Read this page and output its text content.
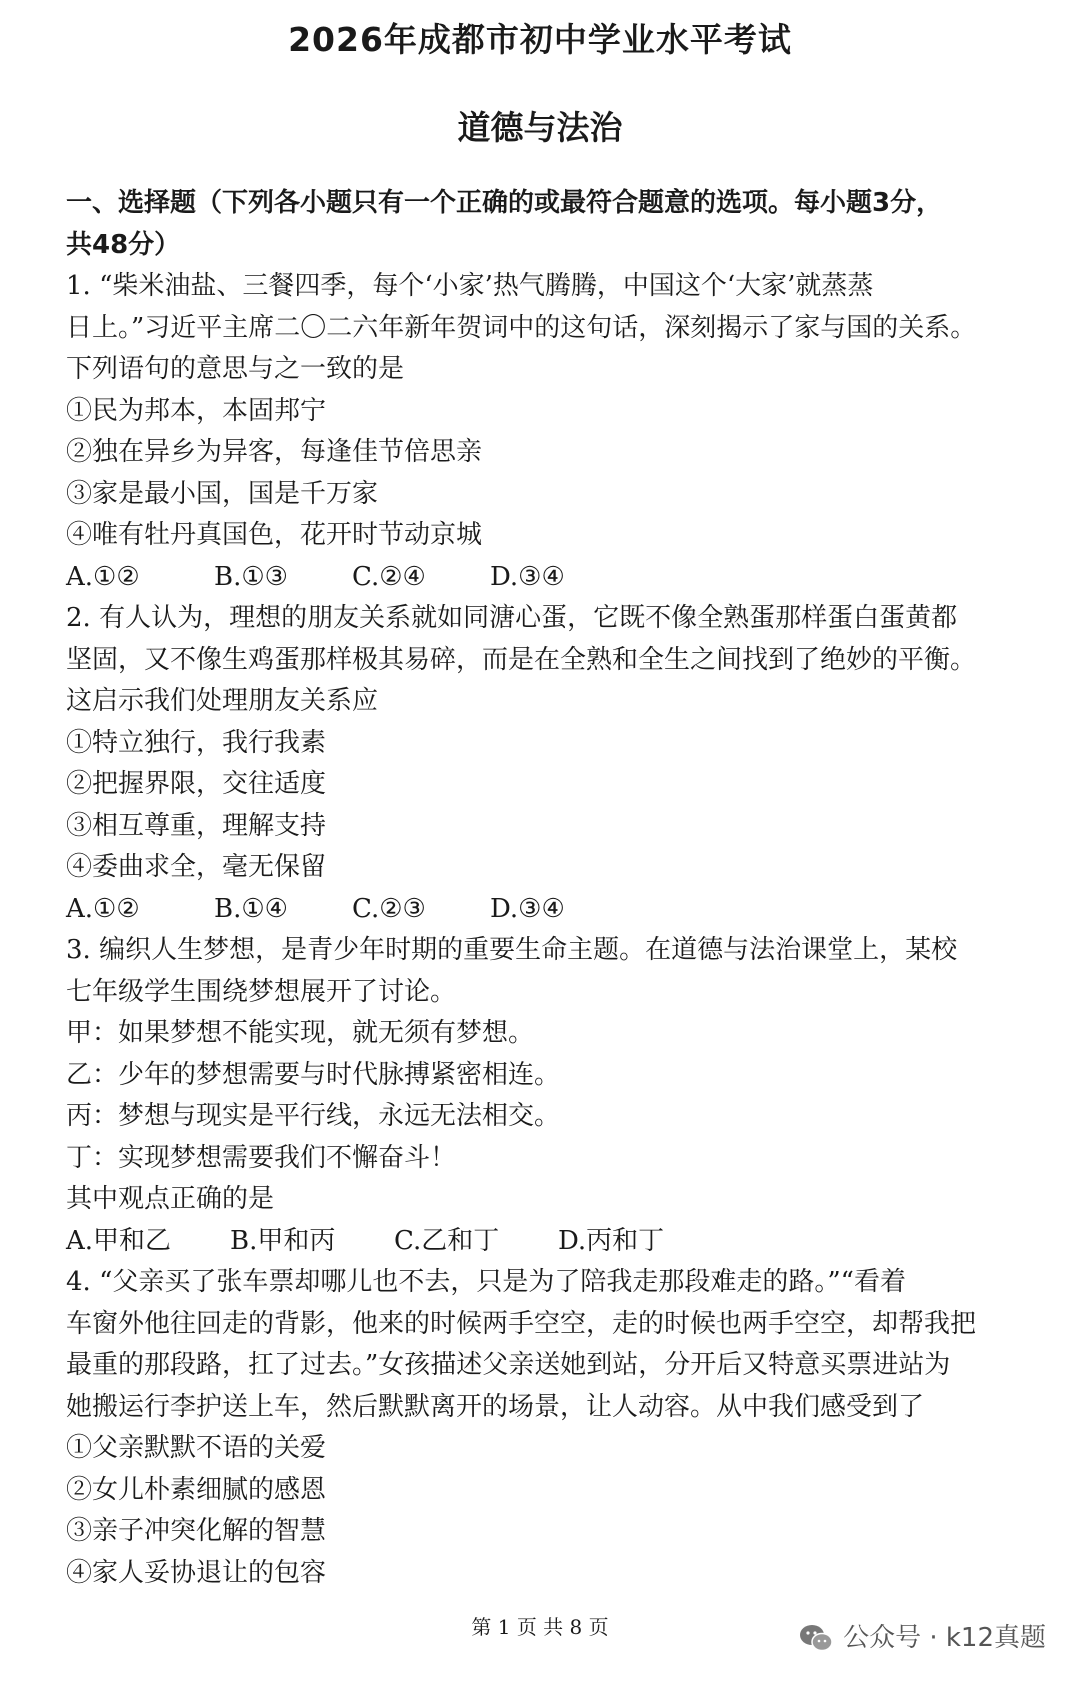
2026年成都市初中学业水平考试
道德与法治
一、选择题（下列各小题只有一个正确的或最符合题意的选项。每小题3分，
共48分）
1. “柴米油盐、三餐四季，每个‘小家’热气腾腾，中国这个‘大家’就蒸蒸
日上。”习近平主席二〇二六年新年贺词中的这句话，深刻揭示了家与国的关系。
下列语句的意思与之一致的是
①民为邦本，本固邦宁
②独在异乡为异客，每逢佳节倍思亲
③家是最小国，国是千万家
④唯有牡丹真国色，花开时节动京城
A.①②	B.①③	C.②④	D.③④
2. 有人认为，理想的朋友关系就如同溏心蛋，它既不像全熟蛋那样蛋白蛋黄都
坚固，又不像生鸡蛋那样极其易碎，而是在全熟和全生之间找到了绝妙的平衡。
这启示我们处理朋友关系应
①特立独行，我行我素
②把握界限，交往适度
③相互尊重，理解支持
④委曲求全，毫无保留
A.①②	B.①④	C.②③	D.③④
3. 编织人生梦想，是青少年时期的重要生命主题。在道德与法治课堂上，某校
七年级学生围绕梦想展开了讨论。
甲：如果梦想不能实现，就无须有梦想。
乙：少年的梦想需要与时代脉搏紧密相连。
丙：梦想与现实是平行线，永远无法相交。
丁：实现梦想需要我们不懈奋斗！
其中观点正确的是
A.甲和乙	B.甲和丙	C.乙和丁	D.丙和丁
4. “父亲买了张车票却哪儿也不去，只是为了陪我走那段难走的路。”“看着
车窗外他往回走的背影，他来的时候两手空空，走的时候也两手空空，却帮我把
最重的那段路，扛了过去。”女孩描述父亲送她到站，分开后又特意买票进站为
她搬运行李护送上车，然后默默离开的场景，让人动容。从中我们感受到了
①父亲默默不语的关爱
②女儿朴素细腻的感恩
③亲子冲突化解的智慧
④家人妥协退让的包容
第 1 页 共 8 页	公众号 · k12真题
